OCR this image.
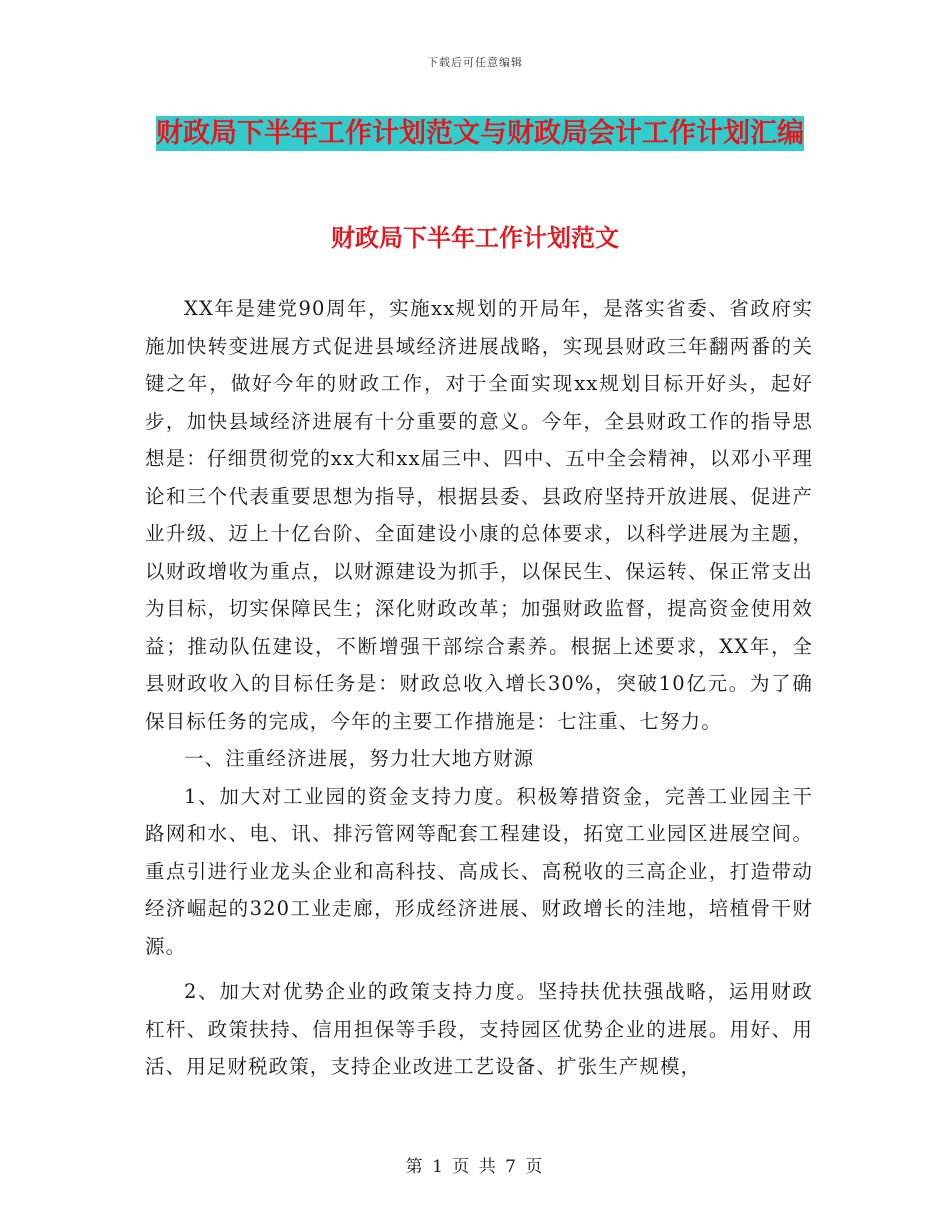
下载后可任意编辑
财政局下半年工作计划范文与财政局会计工作计划汇编
财政局下半年工作计划范文

XX年是建党90周年，实施xx规划的开局年，是落实省委、省政府实施加快转变进展方式促进县域经济进展战略，实现县财政三年翻两番的关键之年，做好今年的财政工作，对于全面实现xx规划目标开好头，起好步，加快县域经济进展有十分重要的意义。今年，全县财政工作的指导思想是：仔细贯彻党的xx大和xx届三中、四中、五中全会精神，以邓小平理论和三个代表重要思想为指导，根据县委、县政府坚持开放进展、促进产业升级、迈上十亿台阶、全面建设小康的总体要求，以科学进展为主题，以财政增收为重点，以财源建设为抓手，以保民生、保运转、保正常支出为目标，切实保障民生；深化财政改革；加强财政监督，提高资金使用效益；推动队伍建设，不断增强干部综合素养。根据上述要求，XX年，全县财政收入的目标任务是：财政总收入增长30%，突破10亿元。为了确保目标任务的完成，今年的主要工作措施是：七注重、七努力。

一、注重经济进展，努力壮大地方财源

1、加大对工业园的资金支持力度。积极筹措资金，完善工业园主干路网和水、电、讯、排污管网等配套工程建设，拓宽工业园区进展空间。重点引进行业龙头企业和高科技、高成长、高税收的三高企业，打造带动经济崛起的320工业走廊，形成经济进展、财政增长的洼地，培植骨干财源。

2、加大对优势企业的政策支持力度。坚持扶优扶强战略，运用财政杠杆、政策扶持、信用担保等手段，支持园区优势企业的进展。用好、用活、用足财税政策，支持企业改进工艺设备、扩张生产规模，

第 1 页 共 7 页
